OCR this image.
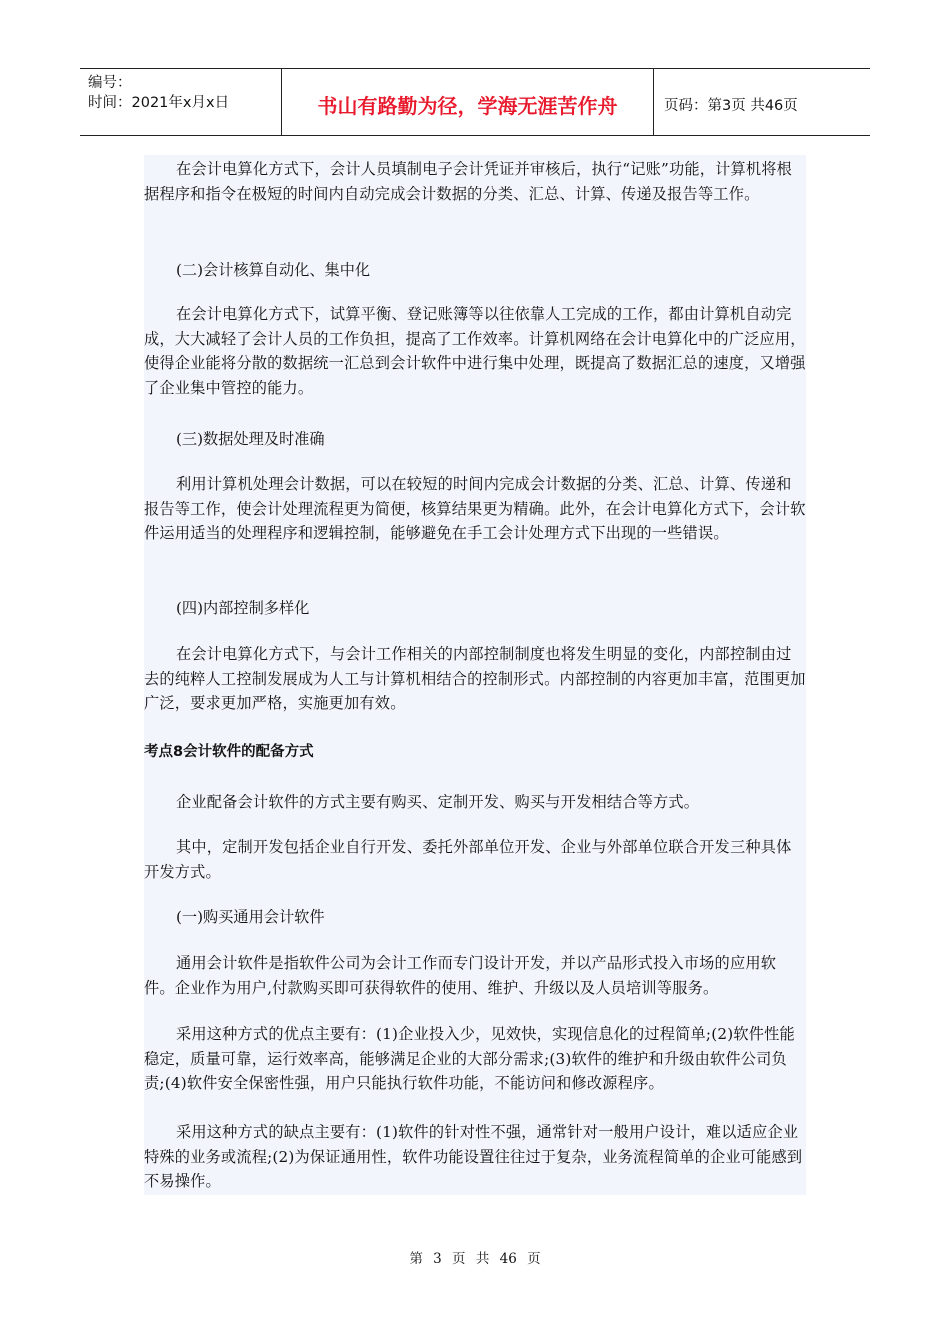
编号：
时间：2021年x月x日	书山有路勤为径，学海无涯苦作舟	页码：第3页 共46页

在会计电算化方式下，会计人员填制电子会计凭证并审核后，执行“记账”功能，计算机将根据程序和指令在极短的时间内自动完成会计数据的分类、汇总、计算、传递及报告等工作。

(二)会计核算自动化、集中化

在会计电算化方式下，试算平衡、登记账簿等以往依靠人工完成的工作，都由计算机自动完成，大大减轻了会计人员的工作负担，提高了工作效率。计算机网络在会计电算化中的广泛应用，使得企业能将分散的数据统一汇总到会计软件中进行集中处理，既提高了数据汇总的速度，又增强了企业集中管控的能力。

(三)数据处理及时准确

利用计算机处理会计数据，可以在较短的时间内完成会计数据的分类、汇总、计算、传递和报告等工作，使会计处理流程更为简便，核算结果更为精确。此外，在会计电算化方式下，会计软件运用适当的处理程序和逻辑控制，能够避免在手工会计处理方式下出现的一些错误。

(四)内部控制多样化

在会计电算化方式下，与会计工作相关的内部控制制度也将发生明显的变化，内部控制由过去的纯粹人工控制发展成为人工与计算机相结合的控制形式。内部控制的内容更加丰富，范围更加广泛，要求更加严格，实施更加有效。

企业配备会计软件的方式主要有购买、定制开发、购买与开发相结合等方式。

其中，定制开发包括企业自行开发、委托外部单位开发、企业与外部单位联合开发三种具体开发方式。

(一)购买通用会计软件

通用会计软件是指软件公司为会计工作而专门设计开发，并以产品形式投入市场的应用软件。企业作为用户,付款购买即可获得软件的使用、维护、升级以及人员培训等服务。

采用这种方式的优点主要有：(1)企业投入少，见效快，实现信息化的过程简单;(2)软件性能稳定，质量可靠，运行效率高，能够满足企业的大部分需求;(3)软件的维护和升级由软件公司负责;(4)软件安全保密性强，用户只能执行软件功能，不能访问和修改源程序。

采用这种方式的缺点主要有：(1)软件的针对性不强，通常针对一般用户设计，难以适应企业特殊的业务或流程;(2)为保证通用性，软件功能设置往往过于复杂，业务流程简单的企业可能感到不易操作。

考点8会计软件的配备方式

第 3 页 共 46 页
